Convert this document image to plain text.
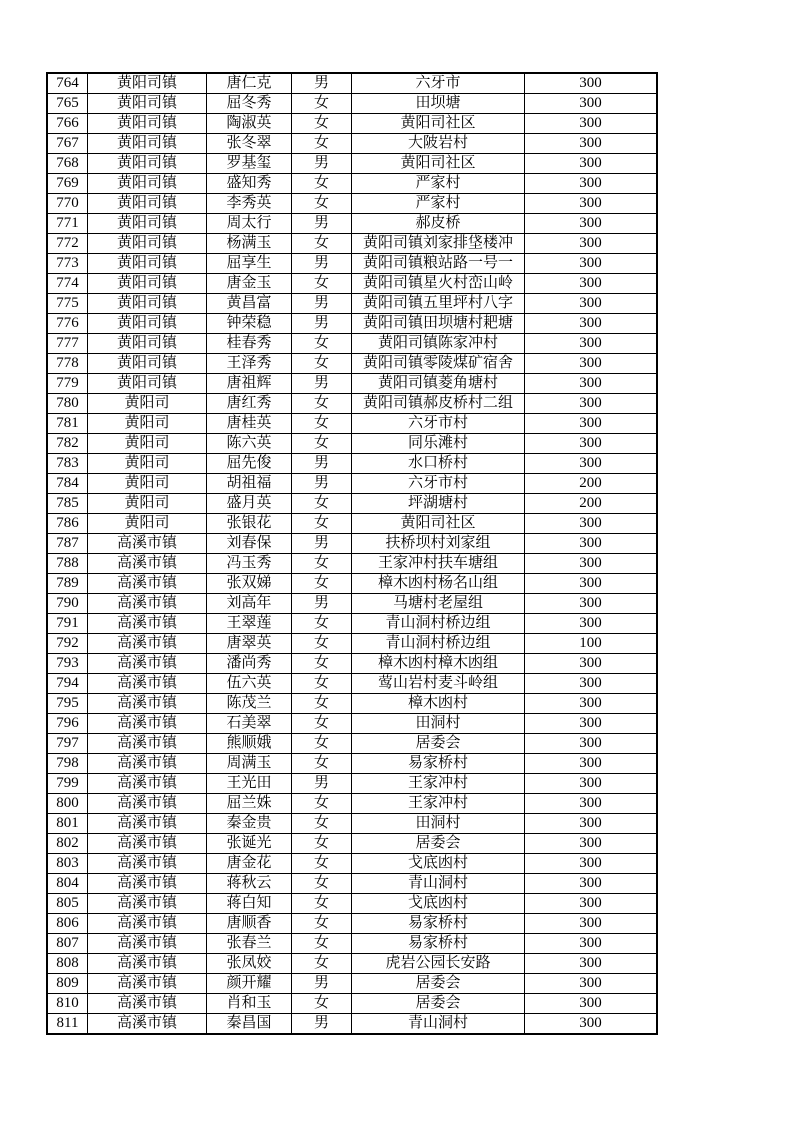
764	黄阳司镇	唐仁克	男	六牙市	300
765	黄阳司镇	屈冬秀	女	田坝塘	300
766	黄阳司镇	陶淑英	女	黄阳司社区	300
767	黄阳司镇	张冬翠	女	大陂岩村	300
768	黄阳司镇	罗基玺	男	黄阳司社区	300
769	黄阳司镇	盛知秀	女	严家村	300
770	黄阳司镇	李秀英	女	严家村	300
771	黄阳司镇	周太行	男	郝皮桥	300
772	黄阳司镇	杨满玉	女	黄阳司镇刘家排垡楼冲	300
773	黄阳司镇	屈享生	男	黄阳司镇粮站路一号一	300
774	黄阳司镇	唐金玉	女	黄阳司镇星火村峦山岭	300
775	黄阳司镇	黄昌富	男	黄阳司镇五里坪村八字	300
776	黄阳司镇	钟荣稳	男	黄阳司镇田坝塘村耙塘	300
777	黄阳司镇	桂春秀	女	黄阳司镇陈家冲村	300
778	黄阳司镇	王泽秀	女	黄阳司镇零陵煤矿宿舍	300
779	黄阳司镇	唐祖辉	男	黄阳司镇菱角塘村	300
780	黄阳司	唐红秀	女	黄阳司镇郝皮桥村二组	300
781	黄阳司	唐桂英	女	六牙市村	300
782	黄阳司	陈六英	女	同乐滩村	300
783	黄阳司	屈先俊	男	水口桥村	300
784	黄阳司	胡祖福	男	六牙市村	200
785	黄阳司	盛月英	女	坪湖塘村	200
786	黄阳司	张银花	女	黄阳司社区	300
787	高溪市镇	刘春保	男	扶桥坝村刘家组	300
788	高溪市镇	冯玉秀	女	王家冲村扶车塘组	300
789	高溪市镇	张双娣	女	樟木凼村杨名山组	300
790	高溪市镇	刘高年	男	马塘村老屋组	300
791	高溪市镇	王翠莲	女	青山洞村桥边组	300
792	高溪市镇	唐翠英	女	青山洞村桥边组	100
793	高溪市镇	潘尚秀	女	樟木凼村樟木凼组	300
794	高溪市镇	伍六英	女	莺山岩村麦斗岭组	300
795	高溪市镇	陈茂兰	女	樟木凼村	300
796	高溪市镇	石美翠	女	田洞村	300
797	高溪市镇	熊顺娥	女	居委会	300
798	高溪市镇	周满玉	女	易家桥村	300
799	高溪市镇	王光田	男	王家冲村	300
800	高溪市镇	屈兰姝	女	王家冲村	300
801	高溪市镇	秦金贵	女	田洞村	300
802	高溪市镇	张诞光	女	居委会	300
803	高溪市镇	唐金花	女	戈底凼村	300
804	高溪市镇	蒋秋云	女	青山洞村	300
805	高溪市镇	蒋白知	女	戈底凼村	300
806	高溪市镇	唐顺香	女	易家桥村	300
807	高溪市镇	张春兰	女	易家桥村	300
808	高溪市镇	张凤姣	女	虎岩公园长安路	300
809	高溪市镇	颜开耀	男	居委会	300
810	高溪市镇	肖和玉	女	居委会	300
811	高溪市镇	秦昌国	男	青山洞村	300
